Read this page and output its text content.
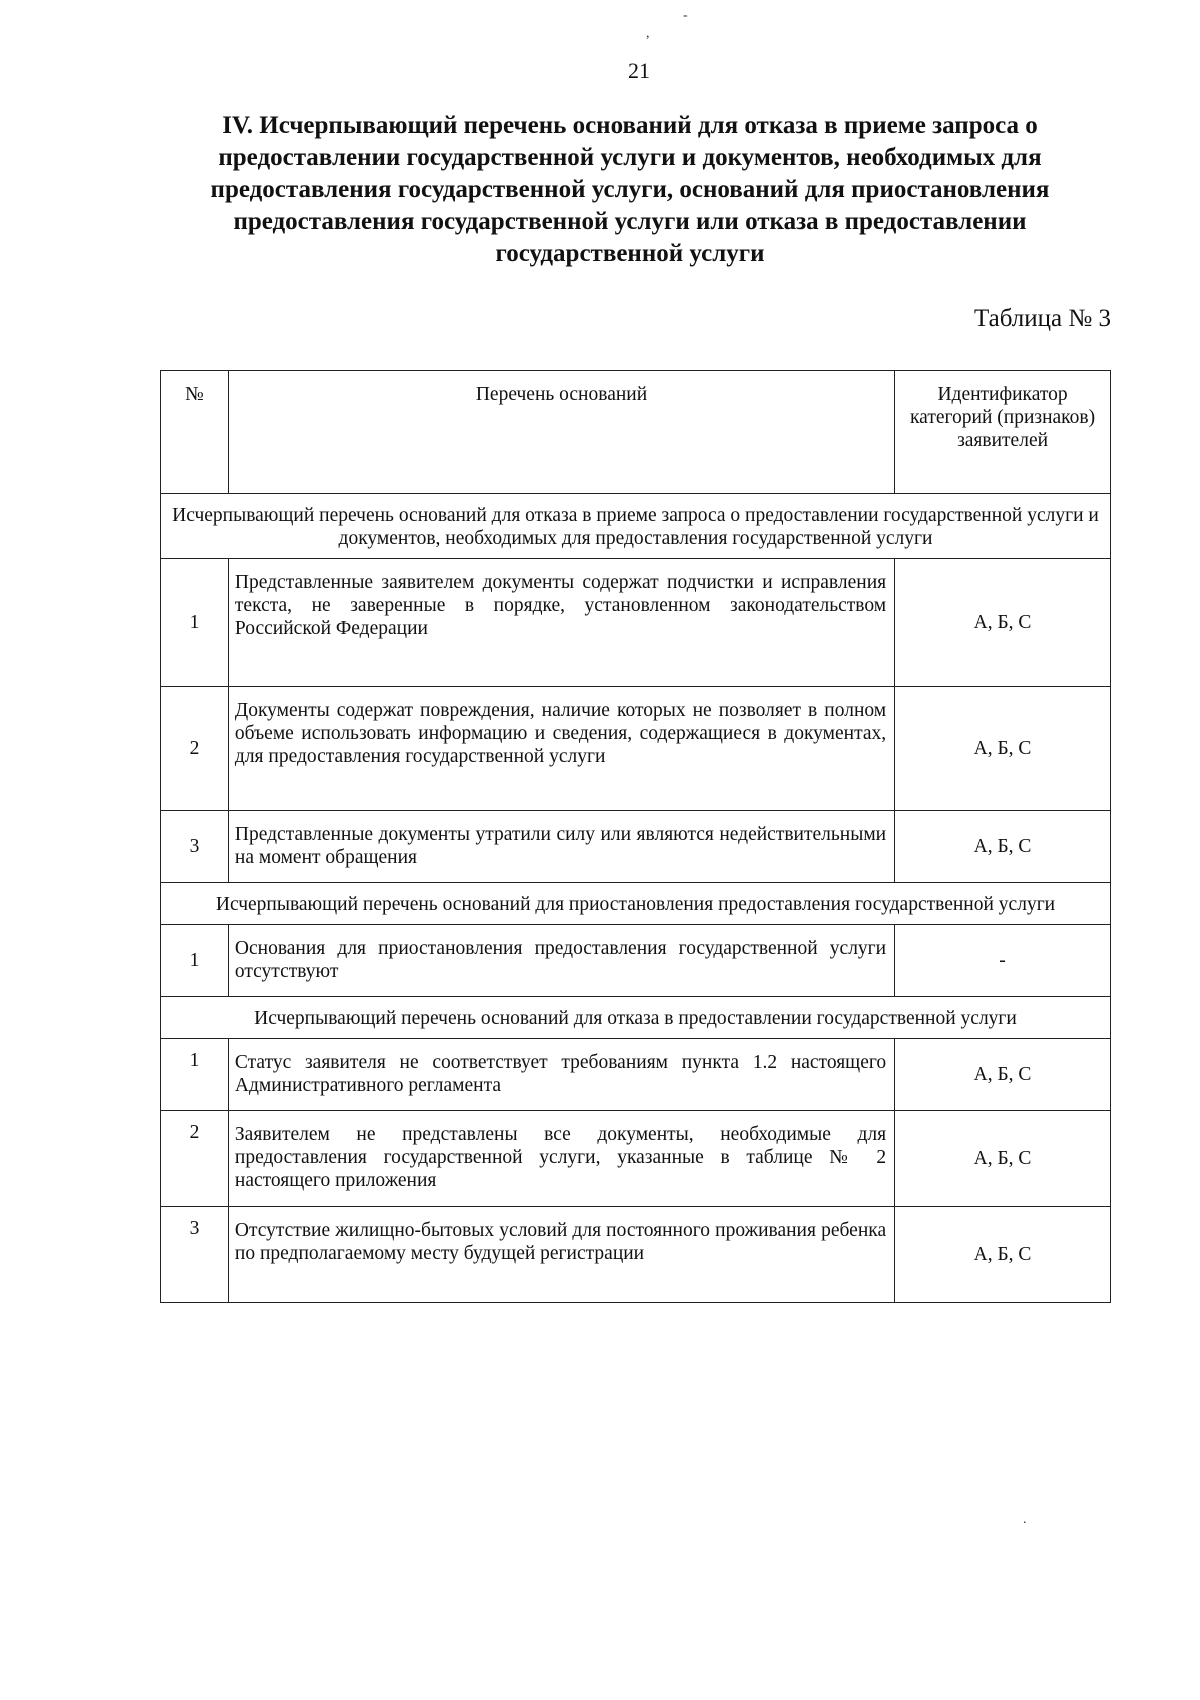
-
,
.
21
IV. Исчерпывающий перечень оснований для отказа в приеме запроса о предоставлении государственной услуги и документов, необходимых для предоставления государственной услуги, оснований для приостановления предоставления государственной услуги или отказа в предоставлении государственной услуги
Таблица № 3
№	Перечень оснований	Идентификатор категорий (признаков) заявителей
Исчерпывающий перечень оснований для отказа в приеме запроса о предоставлении государственной услуги и документов, необходимых для предоставления государственной услуги		
1	Представленные заявителем документы содержат подчистки и исправления текста, не заверенные в порядке, установленном законодательством Российской Федерации	А, Б, С
2	Документы содержат повреждения, наличие которых не позволяет в полном объеме использовать информацию и сведения, содержащиеся в документах, для предоставления государственной услуги	А, Б, С
3	Представленные документы утратили силу или являются недействительными на момент обращения	А, Б, С
Исчерпывающий перечень оснований для приостановления предоставления государственной услуги		
1	Основания для приостановления предоставления государственной услуги отсутствуют	-
Исчерпывающий перечень оснований для отказа в предоставлении государственной услуги		
1	Статус заявителя не соответствует требованиям пункта 1.2 настоящего Административного регламента	А, Б, С
2	Заявителем не представлены все документы, необходимые для предоставления государственной услуги, указанные в таблице № 2 настоящего приложения	А, Б, С
3	Отсутствие жилищно-бытовых условий для постоянного проживания ребенка по предполагаемому месту будущей регистрации	А, Б, С
